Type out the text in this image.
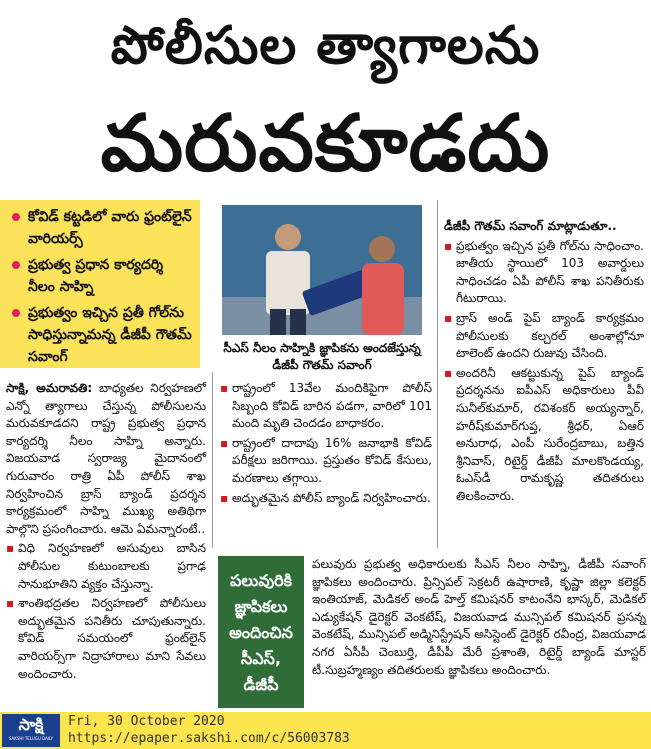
పోలీసుల త్యాగాలను
మరువకూడదు
కోవిడ్ కట్టడిలో వారు ఫ్రంట్‌లైన్ వారియర్స్
ప్రభుత్వ ప్రధాన కార్యదర్శి నీలం సాహ్ని
ప్రభుత్వం ఇచ్చిన ప్రతీ గోల్‌ను సాధిస్తున్నామన్న డీజీపీ గౌతమ్ సవాంగ్
సీఎస్ నీలం సాహ్నికి జ్ఞాపికను అందజేస్తున్న డీజీపీ గౌతమ్ సవాంగ్

సాక్షి, అమరావతి: బాధ్యతల నిర్వహణలో ఎన్నో త్యాగాలు చేస్తున్న పోలీసులను మరువకూడదని రాష్ట్ర ప్రభుత్వ ప్రధాన కార్యదర్శి నీలం సాహ్ని అన్నారు. విజయవాడ స్వరాజ్య మైదానంలో గురువారం రాత్రి ఏపీ పోలీస్ శాఖ నిర్వహించిన బ్రాస్ బ్యాండ్ ప్రదర్శన కార్యక్రమంలో సాహ్ని ముఖ్య అతిథిగా పాల్గొని ప్రసంగించారు. ఆమె ఏమన్నారంటే..

▪ విధి నిర్వహణలో అసువులు బాసిన పోలీసుల కుటుంబాలకు ప్రగాఢ సానుభూతిని వ్యక్తం చేస్తున్నా.

▪ శాంతిభద్రతల నిర్వహణలో పోలీసులు అద్భుతమైన పనితీరు చూపుతున్నారు. కోవిడ్ సమయంలో ఫ్రంట్‌లైన్ వారియర్స్‌గా నిద్రాహారాలు మాని సేవలు అందించారు.

▪ రాష్ట్రంలో 13వేల మందికిపైగా పోలీస్ సిబ్బంది కోవిడ్ బారిన పడగా, వారిలో 101 మంది మృతి చెందడం బాధాకరం.

▪ రాష్ట్రంలో దాదాపు 16% జనాభాకి కోవిడ్ పరీక్షలు జరిగాయి. ప్రస్తుతం కోవిడ్ కేసులు, మరణాలు తగ్గాయి.

▪ అద్భుతమైన పోలీస్ బ్యాండ్ నిర్వహించారు.

డీజీపీ గౌతమ్ సవాంగ్ మాట్లాడుతూ..

▪ ప్రభుత్వం ఇచ్చిన ప్రతీ గోల్‌ను సాధించాం. జాతీయ స్థాయిలో 103 అవార్డులు సాధించడం ఏపీ పోలీస్ శాఖ పనితీరుకు గీటురాయి.

▪ బ్రాస్ అండ్ పైప్ బ్యాండ్ కార్యక్రమం పోలీసులకు కల్చరల్ అంశాల్లోనూ టాలెంట్ ఉందని రుజువు చేసింది.

▪ అందరినీ ఆకట్టుకున్న పైప్ బ్యాండ్ ప్రదర్శనను ఐపీఎస్ అధికారులు పీవీ సునీల్‌కుమార్, రవిశంకర్ అయ్యన్నార్, హరీష్‌కుమార్‌గుప్త, శ్రీధర్, ఏఆర్ అనురాధ, ఎంపీ సురేంద్రబాబు, బత్తిన శ్రీనివాస్, రిటైర్డ్ డీజీపీ మాలకొండయ్య, ఓఎస్‌డీ రామకృష్ణ తదితరులు తిలకించారు.

పలువురికి జ్ఞాపికలు అందించిన సీఎస్, డీజీపీ
పలువురు ప్రభుత్వ అధికారులకు సీఎస్ నీలం సాహ్ని, డీజీపీ సవాంగ్ జ్ఞాపికలు అందించారు. ప్రిన్సిపల్ సెక్రటరీ ఉషారాణి, కృష్ణా జిల్లా కలెక్టర్ ఇంతియాజ్, మెడికల్ అండ్ హెల్త్ కమిషనర్ కాటంనేని భాస్కర్, మెడికల్ ఎడ్యుకేషన్ డైరెక్టర్ వెంకటేష్, విజయవాడ మున్సిపల్ కమిషనర్ ప్రసన్న వెంకటేష్, మున్సిపల్ అడ్మినిస్ట్రేషన్ అసిస్టెంట్ డైరెక్టర్ రవీంద్ర, విజయవాడ నగర ఏసీపీ చెంబుర్తి, డీపీపీ మేరీ ప్రశాంతి, రిటైర్డ్ బ్యాండ్ మాస్టర్ టీ.సుబ్రహ్మణ్యం తదితరులకు జ్ఞాపికలు అందించారు.
సాక్షి
SAKSHI TELUGU DAILY
Fri, 30 October 2020
https://epaper.sakshi.com/c/56003783
